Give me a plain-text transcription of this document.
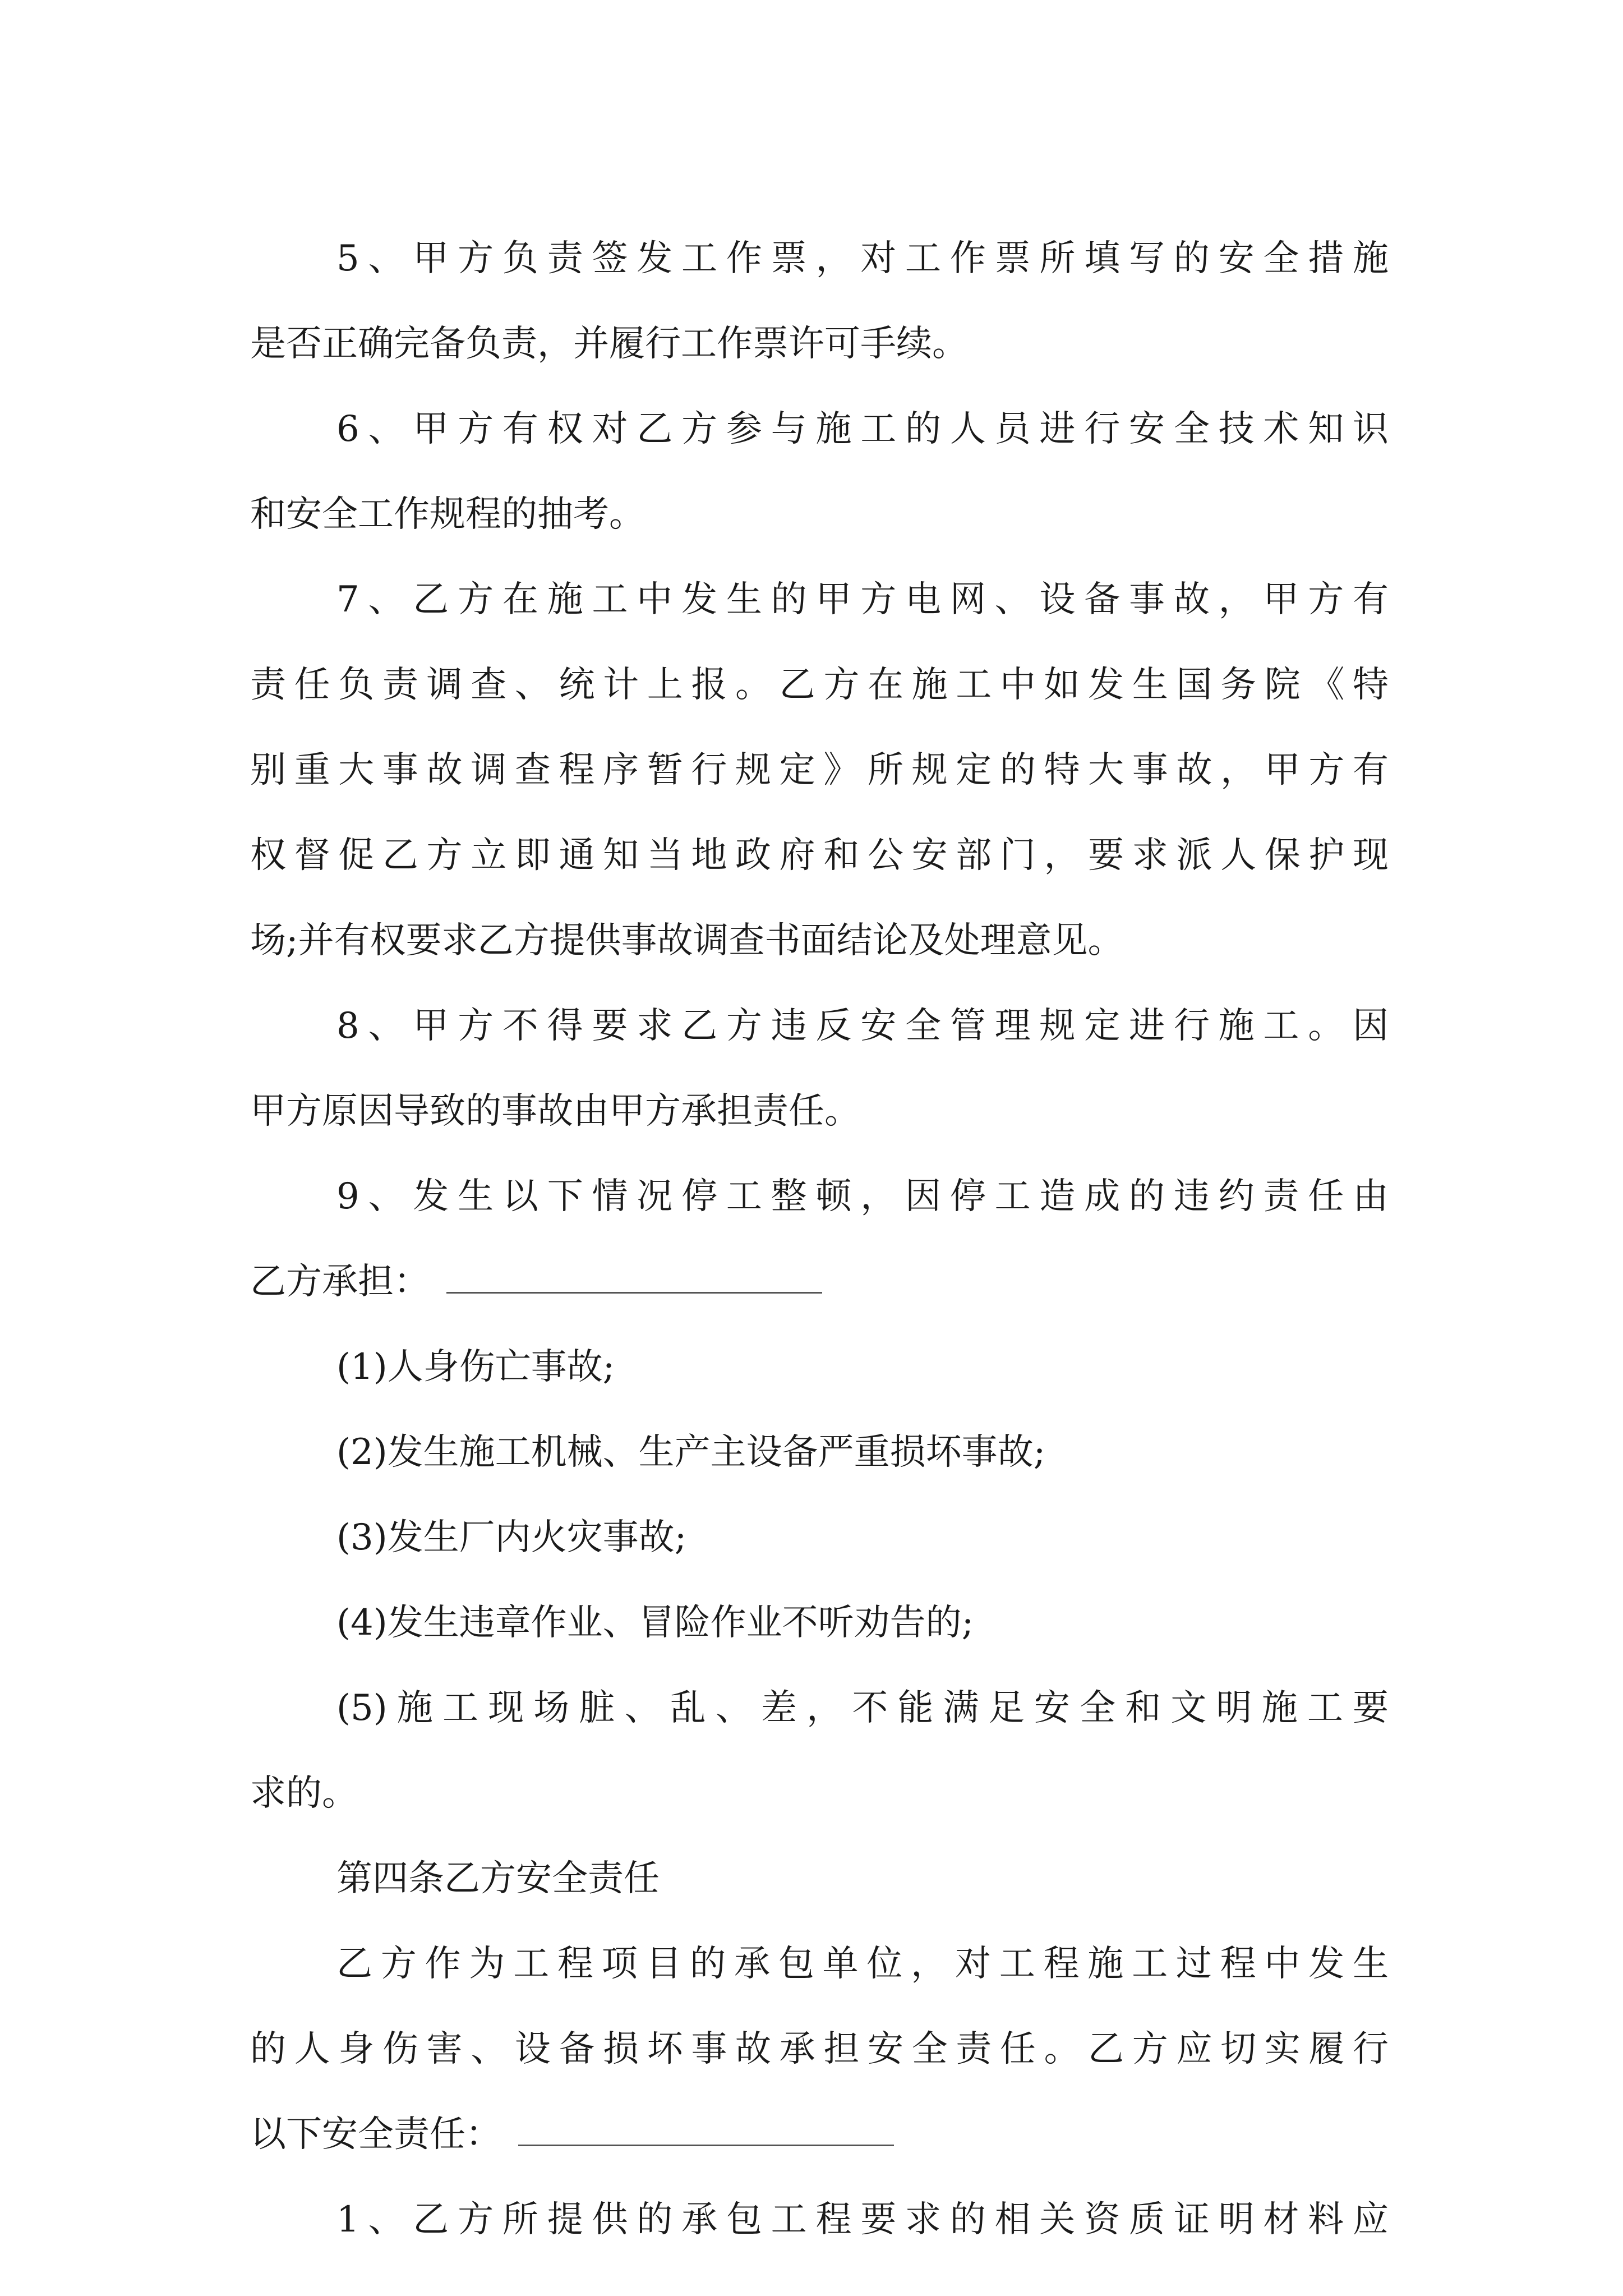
5、甲方负责签发工作票，对工作票所填写的安全措施
是否正确完备负责，并履行工作票许可手续。
6、甲方有权对乙方参与施工的人员进行安全技术知识
和安全工作规程的抽考。
7、乙方在施工中发生的甲方电网、设备事故，甲方有
责任负责调查、统计上报。乙方在施工中如发生国务院《特
别重大事故调查程序暂行规定》所规定的特大事故，甲方有
权督促乙方立即通知当地政府和公安部门，要求派人保护现
场;并有权要求乙方提供事故调查书面结论及处理意见。
8、甲方不得要求乙方违反安全管理规定进行施工。因
甲方原因导致的事故由甲方承担责任。
9、发生以下情况停工整顿，因停工造成的违约责任由
乙方承担：
(1)人身伤亡事故;
(2)发生施工机械、生产主设备严重损坏事故;
(3)发生厂内火灾事故;
(4)发生违章作业、冒险作业不听劝告的;
(5)施工现场脏、乱、差，不能满足安全和文明施工要
求的。
第四条乙方安全责任
乙方作为工程项目的承包单位，对工程施工过程中发生
的人身伤害、设备损坏事故承担安全责任。乙方应切实履行
以下安全责任：
1、乙方所提供的承包工程要求的相关资质证明材料应
